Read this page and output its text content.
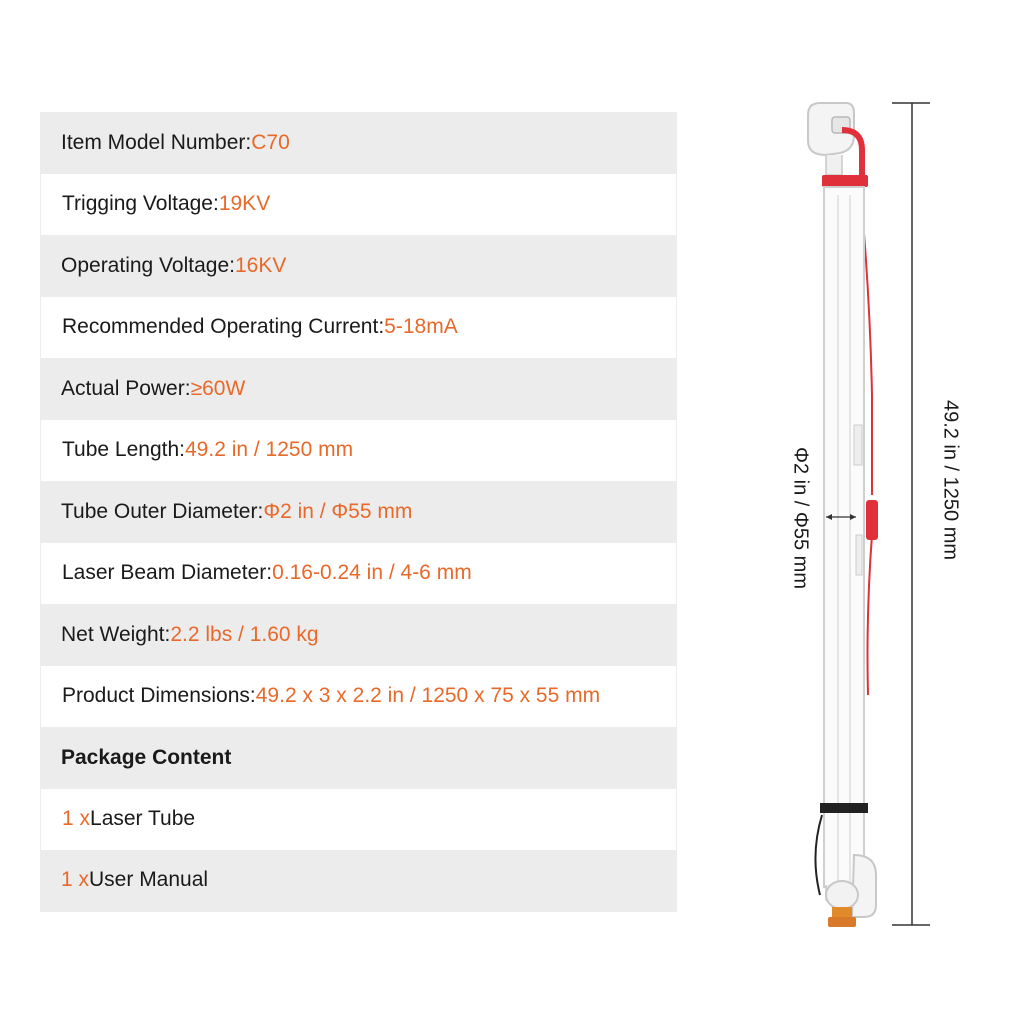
Item Model Number: C70
Trigging Voltage: 19KV
Operating Voltage: 16KV
Recommended Operating Current: 5-18mA
Actual Power: ≥60W
Tube Length: 49.2 in / 1250 mm
Tube Outer Diameter: Φ2 in / Φ55 mm
Laser Beam Diameter: 0.16-0.24 in / 4-6 mm
Net Weight: 2.2 lbs / 1.60 kg
Product Dimensions: 49.2 x 3 x 2.2 in / 1250 x 75 x 55 mm
Package Content
1 x Laser Tube
1 x User Manual
49.2 in / 1250 mm
Φ2 in / Φ55 mm
